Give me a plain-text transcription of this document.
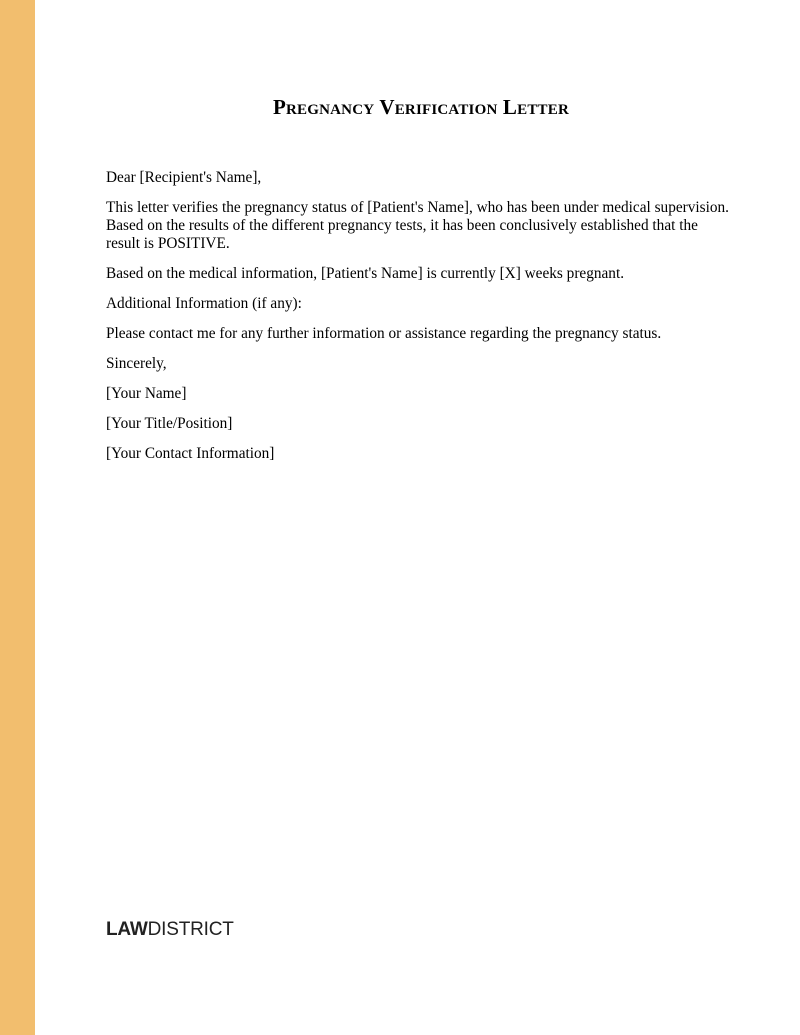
Pregnancy Verification Letter

Dear [Recipient's Name],

This letter verifies the pregnancy status of [Patient's Name], who has been under medical supervision. Based on the results of the different pregnancy tests, it has been conclusively established that the result is POSITIVE.

Based on the medical information, [Patient's Name] is currently [X] weeks pregnant.

Additional Information (if any):

Please contact me for any further information or assistance regarding the pregnancy status.

Sincerely,

[Your Name]

[Your Title/Position]

[Your Contact Information]

LAWDISTRICT
